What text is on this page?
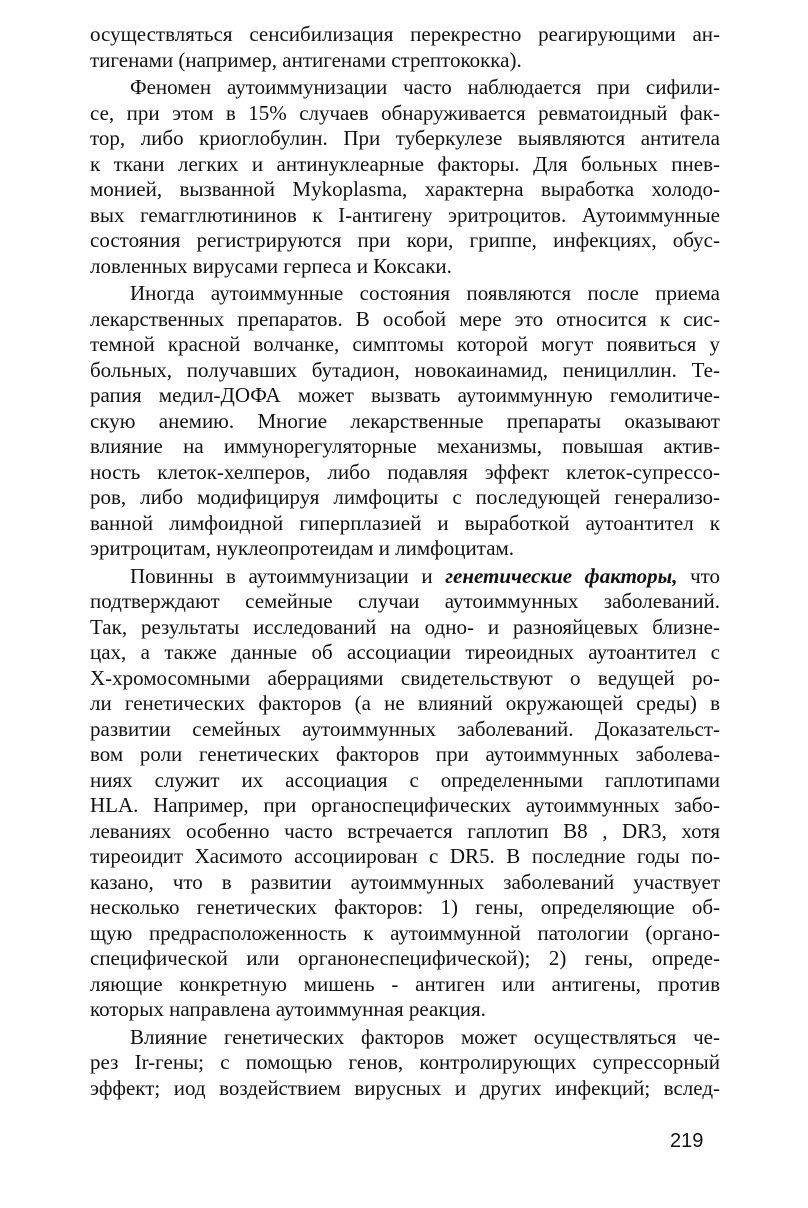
осуществляться сенсибилизация перекрестно реагирующими ан-
тигенами (например, антигенами стрептококка).
Феномен аутоиммунизации часто наблюдается при сифили-
се, при этом в 15% случаев обнаруживается ревматоидный фак-
тор, либо криоглобулин. При туберкулезе выявляются антитела
к ткани легких и антинуклеарные факторы. Для больных пнев-
монией, вызванной Mykoplasma, характерна выработка холодо-
вых гемагглютининов к I-антигену эритроцитов. Аутоиммунные
состояния регистрируются при кори, гриппе, инфекциях, обус-
ловленных вирусами герпеса и Коксаки.
Иногда аутоиммунные состояния появляются после приема
лекарственных препаратов. В особой мере это относится к сис-
темной красной волчанке, симптомы которой могут появиться у
больных, получавших бутадион, новокаинамид, пенициллин. Те-
рапия медил-ДОФА может вызвать аутоиммунную гемолитиче-
скую анемию. Многие лекарственные препараты оказывают
влияние на иммунорегуляторные механизмы, повышая актив-
ность клеток-хелперов, либо подавляя эффект клеток-супрессо-
ров, либо модифицируя лимфоциты с последующей генерализо-
ванной лимфоидной гиперплазией и выработкой аутоантител к
эритроцитам, нуклеопротеидам и лимфоцитам.
Повинны в аутоиммунизации и генетические факторы, что
подтверждают семейные случаи аутоиммунных заболеваний.
Так, результаты исследований на одно- и разнояйцевых близне-
цах, а также данные об ассоциации тиреоидных аутоантител с
Х-хромосомными аберрациями свидетельствуют о ведущей ро-
ли генетических факторов (а не влияний окружающей среды) в
развитии семейных аутоиммунных заболеваний. Доказательст-
вом роли генетических факторов при аутоиммунных заболева-
ниях служит их ассоциация с определенными гаплотипами
HLA. Например, при органоспецифических аутоиммунных забо-
леваниях особенно часто встречается гаплотип B8 , DR3, хотя
тиреоидит Хасимото ассоциирован с DR5. В последние годы по-
казано, что в развитии аутоиммунных заболеваний участвует
несколько генетических факторов: 1) гены, определяющие об-
щую предрасположенность к аутоиммунной патологии (органо-
специфической или органонеспецифической); 2) гены, опреде-
ляющие конкретную мишень - антиген или антигены, против
которых направлена аутоиммунная реакция.
Влияние генетических факторов может осуществляться че-
рез Ir-гены; с помощью генов, контролирующих супрессорный
эффект; иод воздействием вирусных и других инфекций; вслед-
219
